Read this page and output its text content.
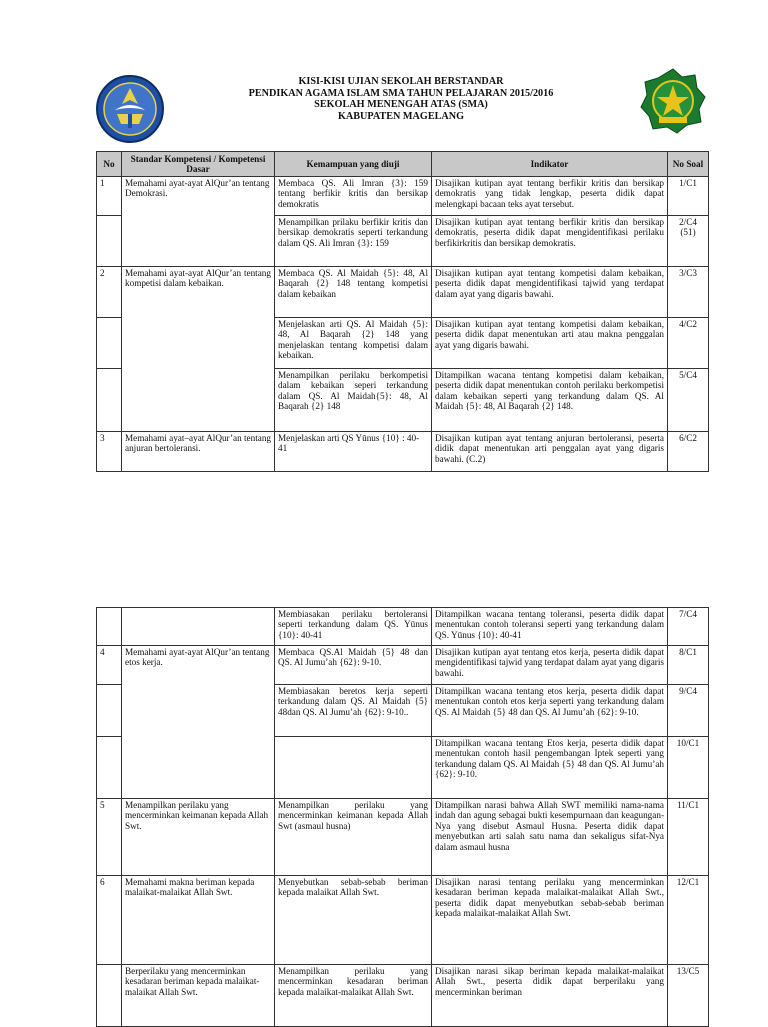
KISI-KISI UJIAN SEKOLAH BERSTANDAR
PENDIKAN AGAMA ISLAM SMA TAHUN PELAJARAN 2015/2016
SEKOLAH MENENGAH ATAS (SMA)
KABUPATEN MAGELANG
No	Standar Kompetensi / Kompetensi Dasar	Kemampuan yang diuji	Indikator	No Soal
1	Memahami ayat-ayat AlQur’an tentang Demokrasi.	Membaca QS. Ali Imran {3}: 159 tentang berfikir kritis dan bersikap demokratis	Disajikan kutipan ayat tentang berfikir kritis dan bersikap demokratis yang tidak lengkap, peserta didik dapat melengkapi bacaan teks ayat tersebut.	1/C1
		Menampilkan prilaku berfikir kritis dan bersikap demokratis seperti terkandung dalam QS. Ali Imran {3}: 159	Disajikan kutipan ayat tentang berfikir kritis dan bersikap demokratis, peserta didik dapat mengidentifikasi perilaku berfikirkritis dan bersikap demokratis.	2/C4 (51)
2	Memahami ayat-ayat AlQur’an tentang kompetisi dalam kebaikan.	Membaca QS. Al Maidah {5}: 48, Al Baqarah {2} 148 tentang kompetisi dalam kebaikan	Disajikan kutipan ayat tentang kompetisi dalam kebaikan, peserta didik dapat mengidentifikasi tajwid yang terdapat dalam ayat yang digaris bawahi.	3/C3
		Menjelaskan arti QS. Al Maidah {5}: 48, Al Baqarah {2} 148 yang menjelaskan tentang kompetisi dalam kebaikan.	Disajikan kutipan ayat tentang kompetisi dalam kebaikan, peserta didik dapat menentukan arti atau makna penggalan ayat yang digaris bawahi.	4/C2
		Menampilkan perilaku berkompetisi dalam kebaikan seperi terkandung dalam QS. Al Maidah{5}: 48, Al Baqarah {2} 148	Ditampilkan wacana tentang kompetisi dalam kebaikan, peserta didik dapat menentukan contoh perilaku berkompetisi dalam kebaikan seperti yang terkandung dalam QS. Al Maidah {5}: 48, Al Baqarah {2} 148.	5/C4
3	Memahami ayat–ayat AlQur’an tentang anjuran bertoleransi.	Menjelaskan arti QS Yūnus {10} : 40-41	Disajikan kutipan ayat tentang anjuran bertoleransi, peserta didik dapat menentukan arti penggalan ayat yang digaris bawahi. (C.2)	6/C2
		Membiasakan perilaku bertoleransi seperti terkandung dalam QS. Yūnus {10}: 40-41	Ditampilkan wacana tentang toleransi, peserta didik dapat menentukan contoh toleransi seperti yang terkandung dalam QS. Yūnus {10}: 40-41	7/C4
4	Memahami ayat-ayat AlQur’an tentang etos kerja.	Membaca QS.Al Maidah {5} 48 dan QS. Al Jumu’ah {62}: 9-10.	Disajikan kutipan ayat tentang etos kerja, peserta didik dapat mengidentifikasi tajwid yang terdapat dalam ayat yang digaris bawahi.	8/C1
		Membiasakan beretos kerja seperti terkandung dalam QS. Al Maidah {5} 48dan QS. Al Jumu’ah {62}: 9-10..	Ditampilkan wacana tentang etos kerja, peserta didik dapat menentukan contoh etos kerja seperti yang terkandung dalam QS. Al Maidah {5} 48 dan QS. Al Jumu’ah {62}: 9-10.	9/C4
			Ditampilkan wacana tentang Etos kerja, peserta didik dapat menentukan contoh hasil pengembangan Iptek seperti yang terkandung dalam QS. Al Maidah {5} 48 dan QS. Al Jumu’ah {62}: 9-10.	10/C1
5	Menampilkan perilaku yang mencerminkan keimanan kepada Allah Swt.	Menampilkan perilaku yang mencerminkan keimanan kepada Allah Swt (asmaul husna)	Ditampilkan narasi bahwa Allah SWT memiliki nama-nama indah dan agung sebagai bukti kesempurnaan dan keagungan-Nya yang disebut Asmaul Husna. Peserta didik dapat menyebutkan arti salah satu nama dan sekaligus sifat-Nya dalam asmaul husna	11/C1
6	Memahami makna beriman kepada malaikat-malaikat Allah Swt.	Menyebutkan sebab-sebab beriman kepada malaikat Allah Swt.	Disajikan narasi tentang perilaku yang mencerminkan kesadaran beriman kepada malaikat-malaikat Allah Swt., peserta didik dapat menyebutkan sebab-sebab beriman kepada malaikat-malaikat Allah Swt.	12/C1
	Berperilaku yang mencerminkan kesadaran beriman kepada malaikat-malaikat Allah Swt.	Menampilkan perilaku yang mencerminkan kesadaran beriman kepada malaikat-malaikat Allah Swt.	Disajikan narasi sikap beriman kepada malaikat-malaikat Allah Swt., peserta didik dapat berperilaku yang mencerminkan beriman	13/C5
